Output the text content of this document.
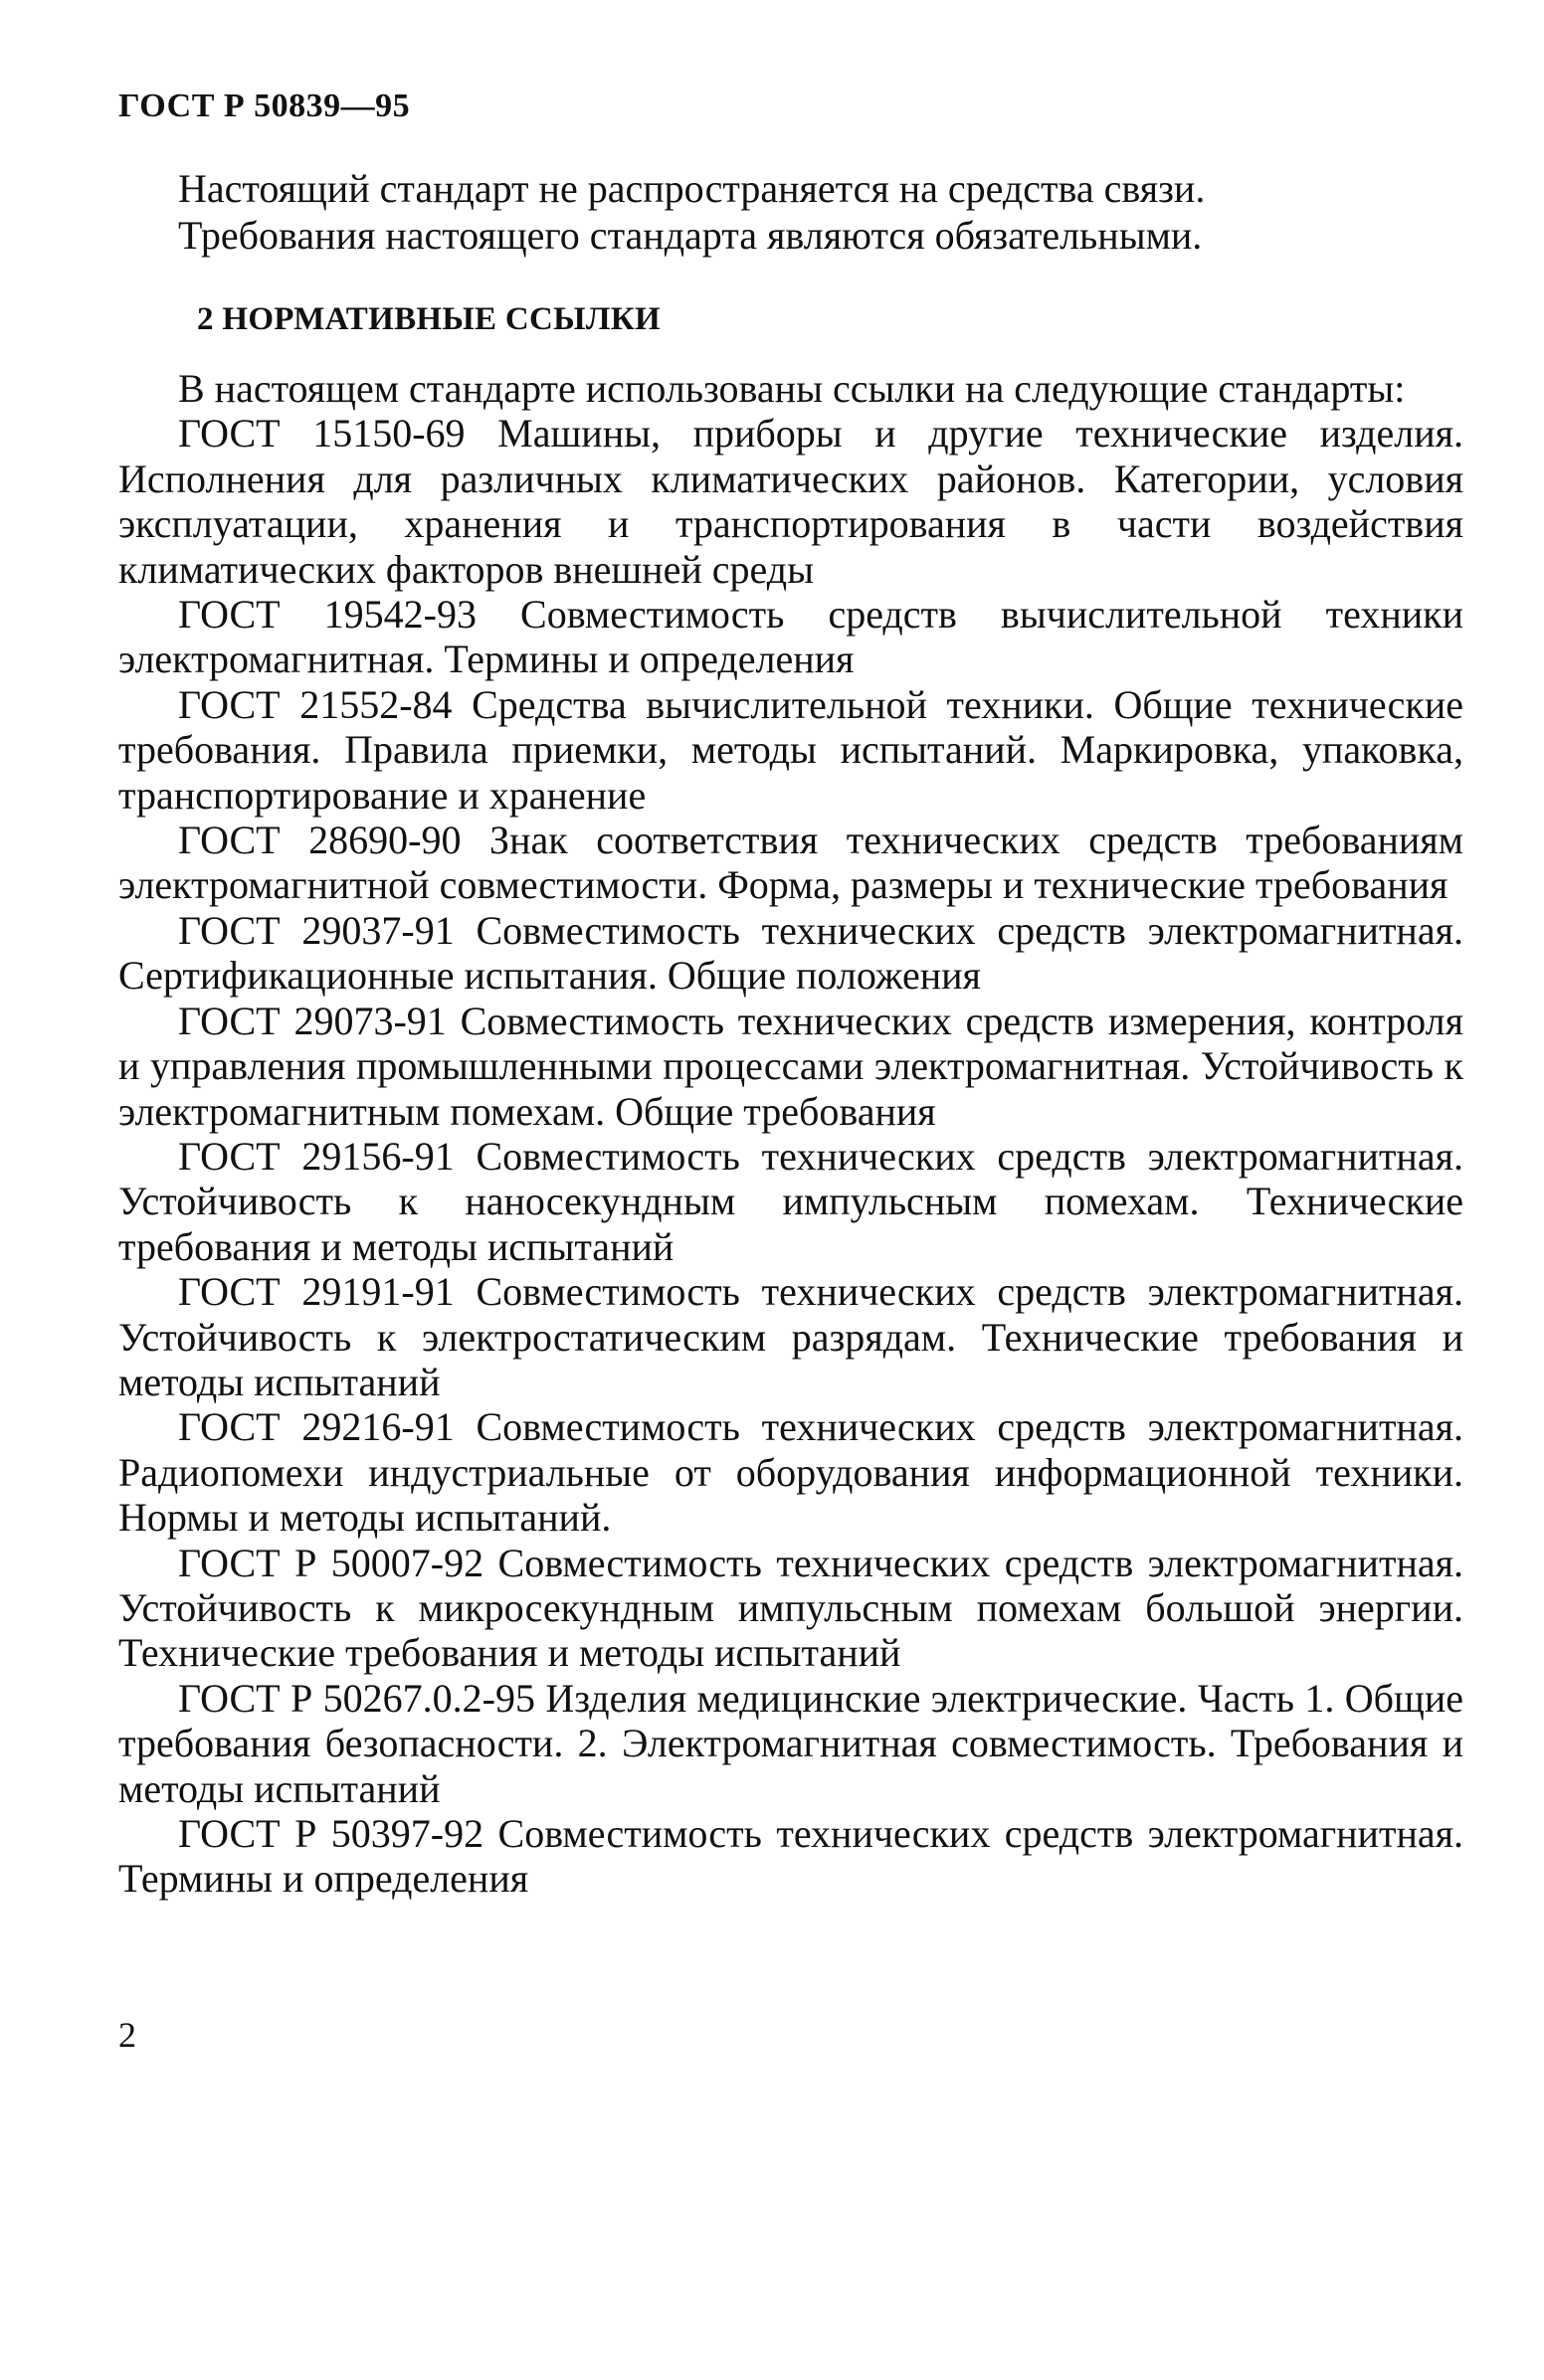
ГОСТ Р 50839—95

Настоящий стандарт не распространяется на средства связи.

Требования настоящего стандарта являются обязательными.

2 НОРМАТИВНЫЕ ССЫЛКИ

В настоящем стандарте использованы ссылки на следующие стандарты:

ГОСТ 15150-69 Машины, приборы и другие технические изделия. Исполнения для различных климатических районов. Категории, условия эксплуатации, хранения и транспортирования в части воздействия климатических факторов внешней среды

ГОСТ 19542-93 Совместимость средств вычислительной техники электромагнитная. Термины и определения

ГОСТ 21552-84 Средства вычислительной техники. Общие технические требования. Правила приемки, методы испытаний. Маркировка, упаковка, транспортирование и хранение

ГОСТ 28690-90 Знак соответствия технических средств требованиям электромагнитной совместимости. Форма, размеры и технические требования

ГОСТ 29037-91 Совместимость технических средств электромагнитная. Сертификационные испытания. Общие положения

ГОСТ 29073-91 Совместимость технических средств измерения, контроля и управления промышленными процессами электромагнитная. Устойчивость к электромагнитным помехам. Общие требования

ГОСТ 29156-91 Совместимость технических средств электромагнитная. Устойчивость к наносекундным импульсным помехам. Технические требования и методы испытаний

ГОСТ 29191-91 Совместимость технических средств электромагнитная. Устойчивость к электростатическим разрядам. Технические требования и методы испытаний

ГОСТ 29216-91 Совместимость технических средств электромагнитная. Радиопомехи индустриальные от оборудования информационной техники. Нормы и методы испытаний.

ГОСТ Р 50007-92 Совместимость технических средств электромагнитная. Устойчивость к микросекундным импульсным помехам большой энергии. Технические требования и методы испытаний

ГОСТ Р 50267.0.2-95 Изделия медицинские электрические. Часть 1. Общие требования безопасности. 2. Электромагнитная совместимость. Требования и методы испытаний

ГОСТ Р 50397-92 Совместимость технических средств электромагнитная. Термины и определения

2
